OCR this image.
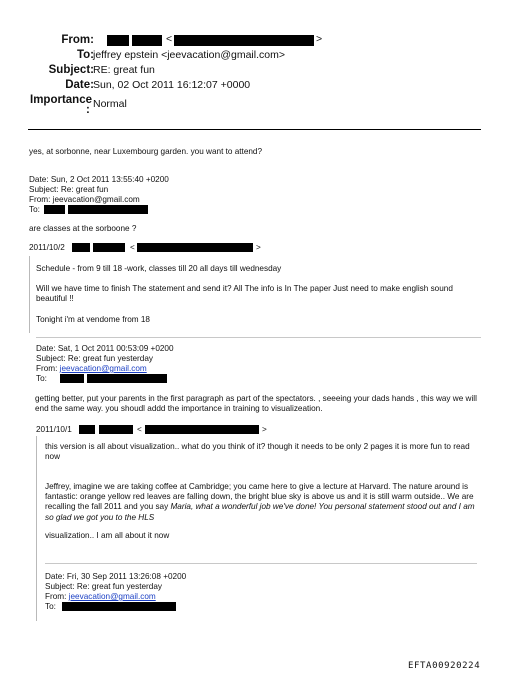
From:	<	>
To: jeffrey epstein <jeevacation@gmail.com>
Subject: RE: great fun
Date: Sun, 02 Oct 2011 16:12:07 +0000
Importance
: Normal
yes, at sorbonne, near Luxembourg garden. you want to attend?
Date: Sun, 2 Oct 2011 13:55:40 +0200
Subject: Re: great fun
From: jeevacation@gmail.com
To:
are classes at the sorboone ?
2011/10/2	<	>
Schedule - from 9 till 18 -work, classes till 20 all days till wednesday
Will we have time to finish The statement and send it? All The info is In The paper Just need to make english sound beautiful !!
Tonight i'm at vendome from 18
Date: Sat, 1 Oct 2011 00:53:09 +0200
Subject: Re: great fun yesterday
From: jeevacation@gmail.com
To:
getting better, put your parents in the first paragraph as part of the spectators. , seeeing your dads hands , this way we will end the same way. you shoudl addd the importance in training to visualizeation.
2011/10/1	<	>
this version is all about visualization.. what do you think of it? though it needs to be only 2 pages it is more fun to read now
Jeffrey, imagine we are taking coffee at Cambridge; you came here to give a lecture at Harvard. The nature around is fantastic: orange yellow red leaves are falling down, the bright blue sky is above us and it is still warm outside.. We are recalling the fall 2011 and you say Maria, what a wonderful job we've done! You personal statement stood out and I am so glad we got you to the HLS
visualization.. I am all about it now
Date: Fri, 30 Sep 2011 13:26:08 +0200
Subject: Re: great fun yesterday
From: jeevacation@gmail.com
To:
EFTA00920224
